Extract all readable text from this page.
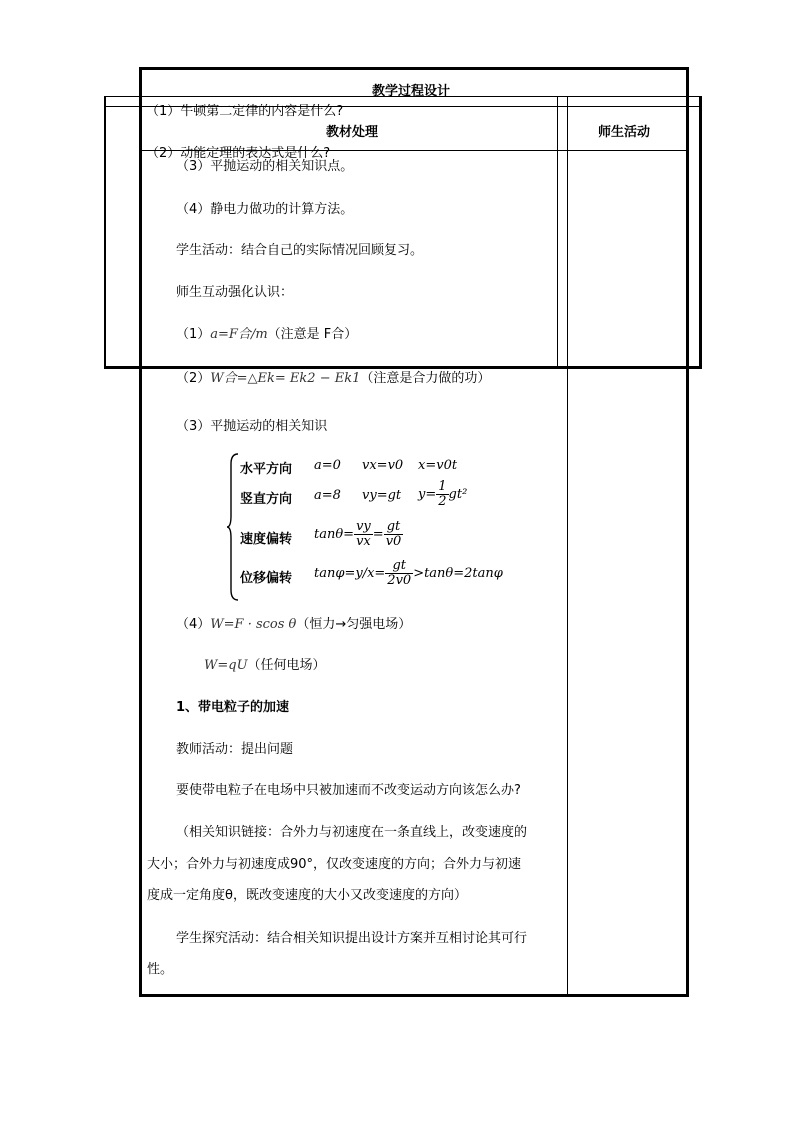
教学过程设计
教材处理	师生活动
（1）牛顿第二定律的内容是什么?
（2）动能定理的表达式是什么?
（3）平抛运动的相关知识点。
（4）静电力做功的计算方法。
学生活动：结合自己的实际情况回顾复习。
师生互动强化认识：
（1）a=F合/m（注意是 F合）
（2）W合=△Ek= Ek2 − Ek1（注意是合力做的功）
（3）平抛运动的相关知识
水平方向 a=0 vx=v0 x=v0t
竖直方向 a=8 vy=gt $y= \frac{1}{2} gt^2$
速度偏转 $\tan\theta= \frac{vy}{vx} = \frac{gt}{v0}$
位移偏转 $\tan\varphi=y/x= \frac{gt}{2v0} >\tan\theta=2\tan\varphi$
（4）W=F · scos θ（恒力→匀强电场）
W=qU（任何电场）
1、带电粒子的加速
教师活动：提出问题
要使带电粒子在电场中只被加速而不改变运动方向该怎么办?
（相关知识链接：合外力与初速度在一条直线上，改变速度的
大小；合外力与初速度成90°，仅改变速度的方向；合外力与初速
度成一定角度θ，既改变速度的大小又改变速度的方向）
学生探究活动：结合相关知识提出设计方案并互相讨论其可行
性。
